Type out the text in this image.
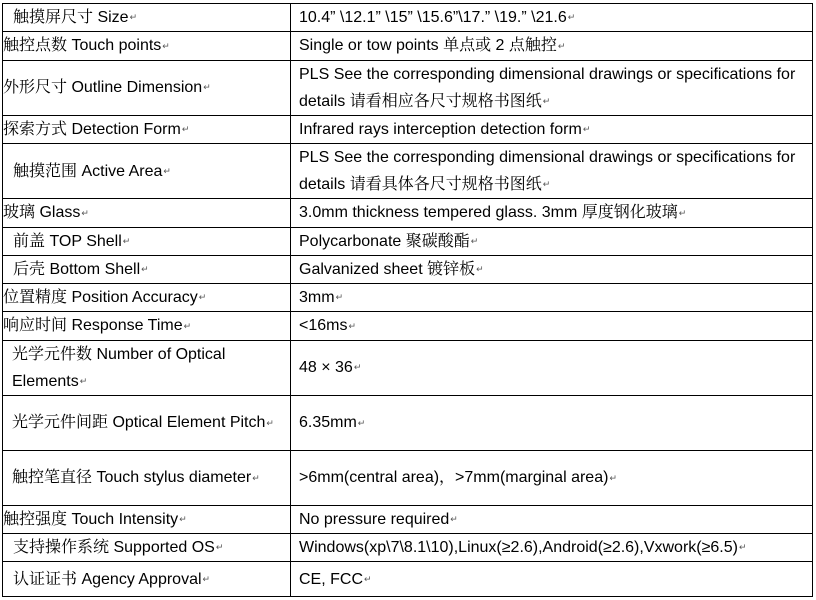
触摸屏尺寸 Size↵	10.4” \12.1” \15” \15.6”\17.” \19.” \21.6↵
触控点数 Touch points↵	Single or tow points 单点或 2 点触控↵
外形尺寸 Outline Dimension↵	PLS See the corresponding dimensional drawings or specifications for details 请看相应各尺寸规格书图纸↵
探索方式 Detection Form↵	Infrared rays interception detection form↵
触摸范围 Active Area↵	PLS See the corresponding dimensional drawings or specifications for details 请看具体各尺寸规格书图纸↵
玻璃 Glass↵	3.0mm thickness tempered glass. 3mm 厚度钢化玻璃↵
前盖 TOP Shell↵	Polycarbonate 聚碳酸酯↵
后壳 Bottom Shell↵	Galvanized sheet 镀锌板↵
位置精度 Position Accuracy↵	3mm↵
响应时间 Response Time↵	<16ms↵
光学元件数 Number of Optical Elements↵	48 × 36↵
光学元件间距 Optical Element Pitch↵	6.35mm↵
触控笔直径 Touch stylus diameter↵	>6mm(central area)，>7mm(marginal area)↵
触控强度 Touch Intensity↵	No pressure required↵
支持操作系统 Supported OS↵	Windows(xp\7\8.1\10),Linux(≥2.6),Android(≥2.6),Vxwork(≥6.5)↵
认证证书 Agency Approval↵	CE, FCC↵
